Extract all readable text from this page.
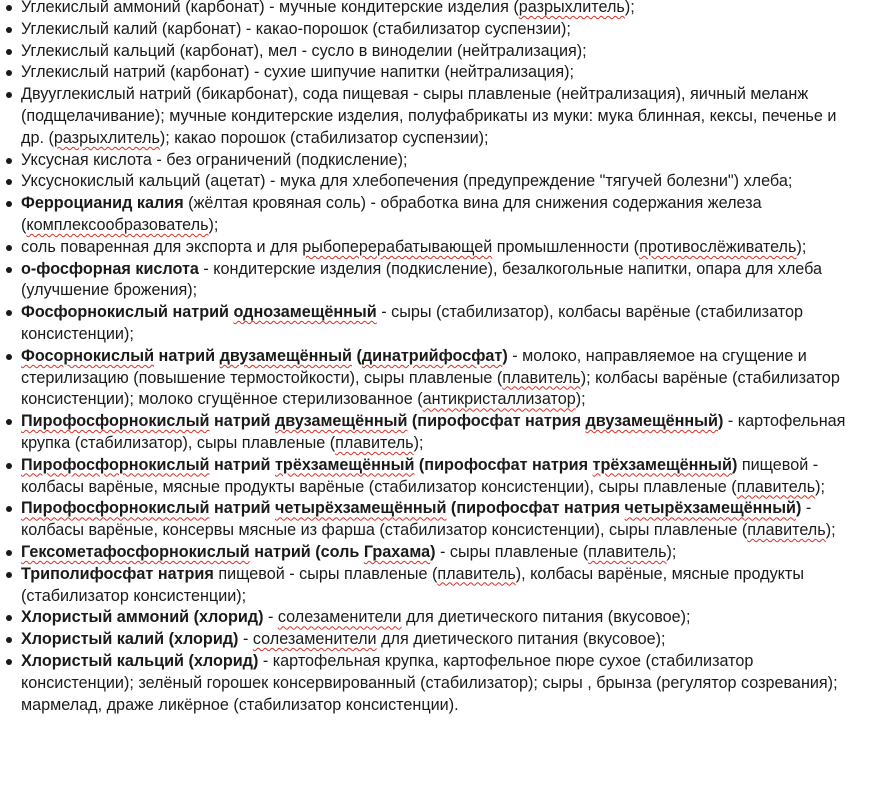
Углекислый аммоний (карбонат) - мучные кондитерские изделия (разрыхлитель);
Углекислый калий (карбонат) - какао-порошок (стабилизатор суспензии);
Углекислый кальций (карбонат), мел - сусло в виноделии (нейтрализация);
Углекислый натрий (карбонат) - сухие шипучие напитки (нейтрализация);
Двууглекислый натрий (бикарбонат), сода пищевая - сыры плавленые (нейтрализация), яичный меланж (подщелачивание); мучные кондитерские изделия, полуфабрикаты из муки: мука блинная, кексы, печенье и др. (разрыхлитель); какао порошок (стабилизатор суспензии);
Уксусная кислота - без ограничений (подкисление);
Уксуснокислый кальций (ацетат) - мука для хлебопечения (предупреждение "тягучей болезни") хлеба;
Ферроцианид калия (жёлтая кровяная соль) - обработка вина для снижения содержания железа (комплексообразователь);
соль поваренная для экспорта и для рыбоперерабатывающей промышленности (противослёживатель);
о-фосфорная кислота - кондитерские изделия (подкисление), безалкогольные напитки, опара для хлеба (улучшение брожения);
Фосфорнокислый натрий однозамещённый - сыры (стабилизатор), колбасы варёные (стабилизатор консистенции);
Фосорнокислый натрий двузамещённый (динатрийфосфат) - молоко, направляемое на сгущение и стерилизацию (повышение термостойкости), сыры плавленые (плавитель); колбасы варёные (стабилизатор консистенции); молоко сгущённое стерилизованное (антикристаллизатор);
Пирофосфорнокислый натрий двузамещённый (пирофосфат натрия двузамещённый) - картофельная крупка (стабилизатор), сыры плавленые (плавитель);
Пирофосфорнокислый натрий трёхзамещённый (пирофосфат натрия трёхзамещённый) пищевой - колбасы варёные, мясные продукты варёные (стабилизатор консистенции), сыры плавленые (плавитель);
Пирофосфорнокислый натрий четырёхзамещённый (пирофосфат натрия четырёхзамещённый) - колбасы варёные, консервы мясные из фарша (стабилизатор консистенции), сыры плавленые (плавитель);
Гексометафосфорнокислый натрий (соль Грахама) - сыры плавленые (плавитель);
Триполифосфат натрия пищевой - сыры плавленые (плавитель), колбасы варёные, мясные продукты (стабилизатор консистенции);
Хлористый аммоний (хлорид) - солезаменители для диетического питания (вкусовое);
Хлористый калий (хлорид) - солезаменители для диетического питания (вкусовое);
Хлористый кальций (хлорид) - картофельная крупка, картофельное пюре сухое (стабилизатор консистенции); зелёный горошек консервированный (стабилизатор); сыры , брынза (регулятор созревания); мармелад, драже ликёрное (стабилизатор консистенции).
